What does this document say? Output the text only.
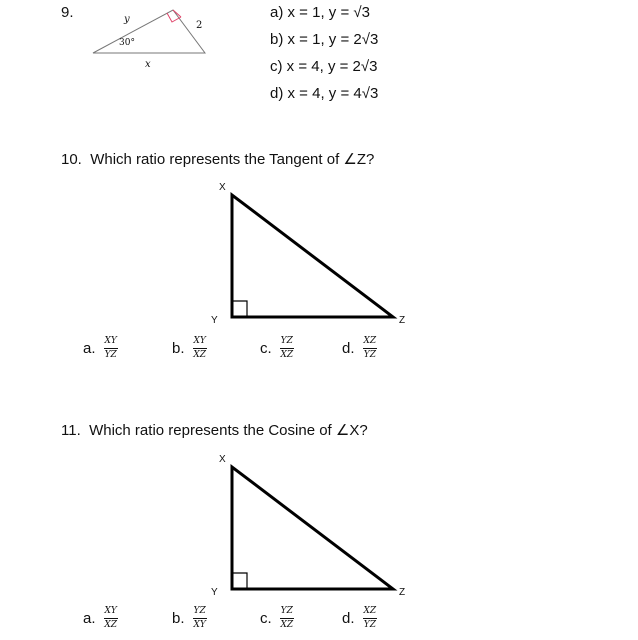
9.	y
2
30°
x
a) x = 1, y = √3
b) x = 1, y = 2√3
c) x = 4, y = 2√3
d) x = 4, y = 4√3
10. Which ratio represents the Tangent of ∠Z?
X
Y	Z
a. $\frac{XY}{YZ}$	b. $\frac{XY}{XZ}$	c. $\frac{YZ}{XZ}$	d. $\frac{XZ}{YZ}$
11. Which ratio represents the Cosine of ∠X?
X
Y	Z
a. $\frac{XY}{XZ}$	b. $\frac{YZ}{XY}$	c. $\frac{YZ}{XZ}$	d. $\frac{XZ}{YZ}$
